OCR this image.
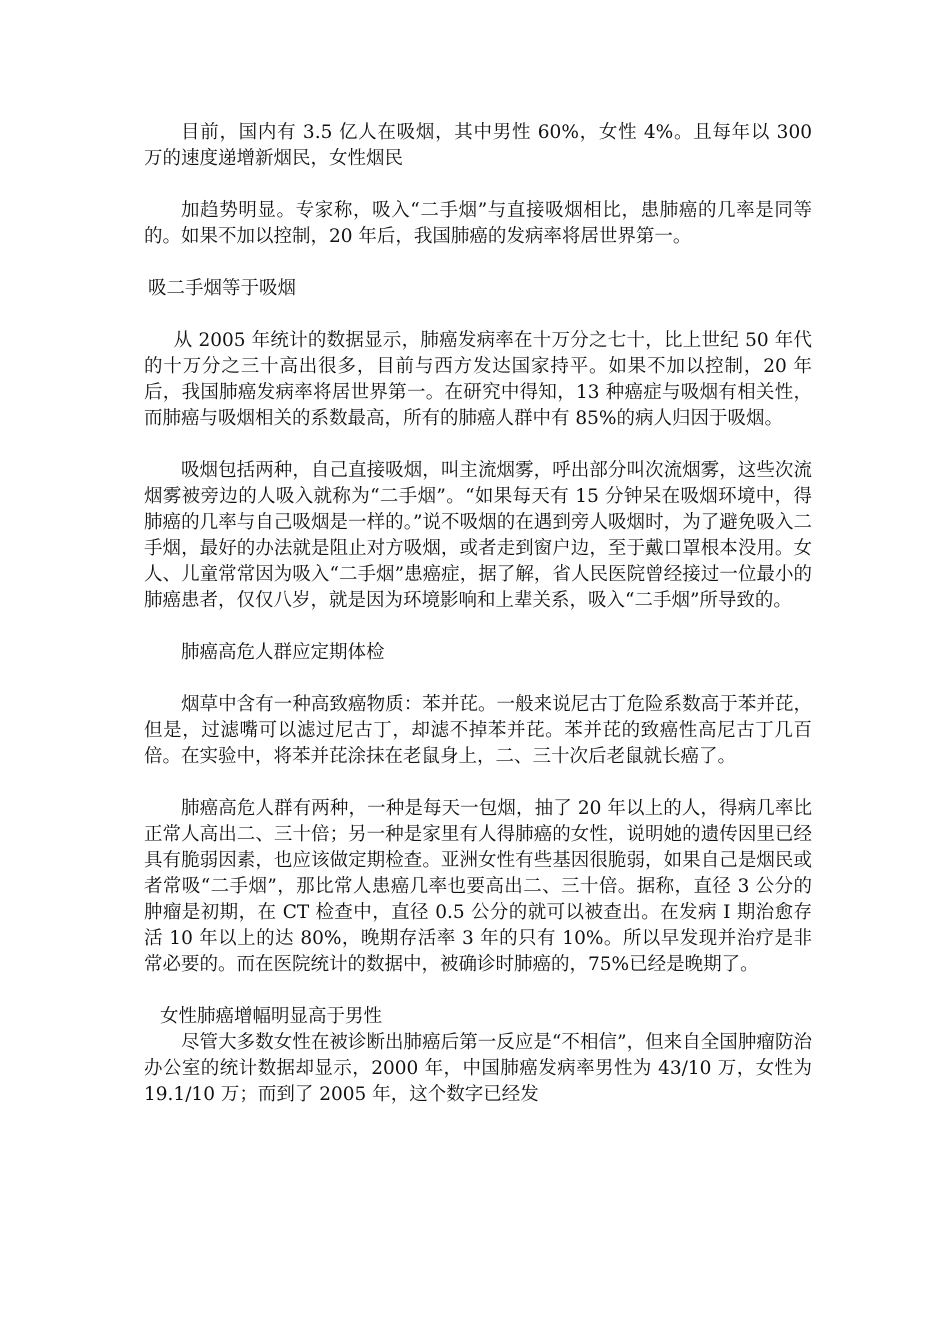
目前，国内有 3.5 亿人在吸烟，其中男性 60%，女性 4%。且每年以 300 万的速度递增新烟民，女性烟民

加趋势明显。专家称，吸入“二手烟”与直接吸烟相比，患肺癌的几率是同等的。如果不加以控制，20 年后，我国肺癌的发病率将居世界第一。

吸二手烟等于吸烟

从 2005 年统计的数据显示，肺癌发病率在十万分之七十，比上世纪 50 年代的十万分之三十高出很多，目前与西方发达国家持平。如果不加以控制，20 年后，我国肺癌发病率将居世界第一。在研究中得知，13 种癌症与吸烟有相关性，而肺癌与吸烟相关的系数最高，所有的肺癌人群中有 85%的病人归因于吸烟。

吸烟包括两种，自己直接吸烟，叫主流烟雾，呼出部分叫次流烟雾，这些次流烟雾被旁边的人吸入就称为“二手烟”。“如果每天有 15 分钟呆在吸烟环境中，得肺癌的几率与自己吸烟是一样的。”说不吸烟的在遇到旁人吸烟时，为了避免吸入二手烟，最好的办法就是阻止对方吸烟，或者走到窗户边，至于戴口罩根本没用。女人、儿童常常因为吸入“二手烟”患癌症，据了解，省人民医院曾经接过一位最小的肺癌患者，仅仅八岁，就是因为环境影响和上辈关系，吸入“二手烟”所导致的。

肺癌高危人群应定期体检

烟草中含有一种高致癌物质：苯并芘。一般来说尼古丁危险系数高于苯并芘，但是，过滤嘴可以滤过尼古丁，却滤不掉苯并芘。苯并芘的致癌性高尼古丁几百倍。在实验中，将苯并芘涂抹在老鼠身上，二、三十次后老鼠就长癌了。

肺癌高危人群有两种，一种是每天一包烟，抽了 20 年以上的人，得病几率比正常人高出二、三十倍；另一种是家里有人得肺癌的女性，说明她的遗传因里已经具有脆弱因素，也应该做定期检查。亚洲女性有些基因很脆弱，如果自己是烟民或者常吸“二手烟”，那比常人患癌几率也要高出二、三十倍。据称，直径 3 公分的肿瘤是初期，在 CT 检查中，直径 0.5 公分的就可以被查出。在发病 I 期治愈存活 10 年以上的达 80%，晚期存活率 3 年的只有 10%。所以早发现并治疗是非常必要的。而在医院统计的数据中，被确诊时肺癌的，75%已经是晚期了。

女性肺癌增幅明显高于男性

尽管大多数女性在被诊断出肺癌后第一反应是“不相信”，但来自全国肿瘤防治办公室的统计数据却显示，2000 年，中国肺癌发病率男性为 43/10 万，女性为 19.1/10 万；而到了 2005 年，这个数字已经发
